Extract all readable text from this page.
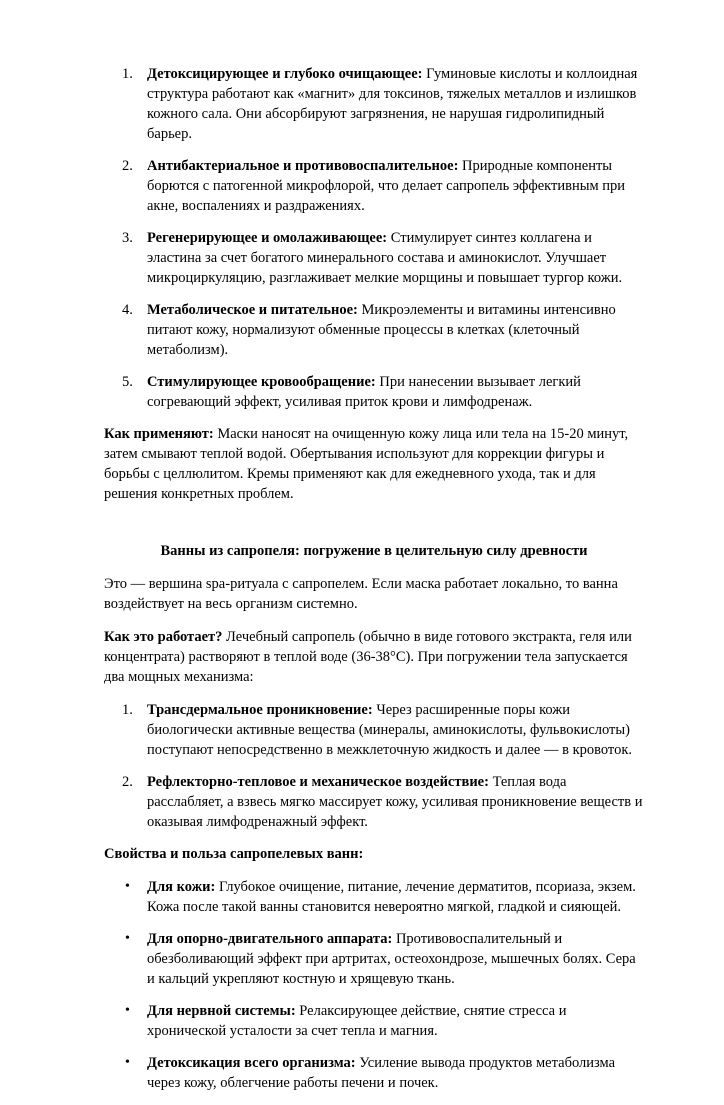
1. Детоксицирующее и глубоко очищающее: Гуминовые кислоты и коллоидная структура работают как «магнит» для токсинов, тяжелых металлов и излишков кожного сала. Они абсорбируют загрязнения, не нарушая гидролипидный барьер.
2. Антибактериальное и противовоспалительное: Природные компоненты борются с патогенной микрофлорой, что делает сапропель эффективным при акне, воспалениях и раздражениях.
3. Регенерирующее и омолаживающее: Стимулирует синтез коллагена и эластина за счет богатого минерального состава и аминокислот. Улучшает микроциркуляцию, разглаживает мелкие морщины и повышает тургор кожи.
4. Метаболическое и питательное: Микроэлементы и витамины интенсивно питают кожу, нормализуют обменные процессы в клетках (клеточный метаболизм).
5. Стимулирующее кровообращение: При нанесении вызывает легкий согревающий эффект, усиливая приток крови и лимфодренаж.

Как применяют: Маски наносят на очищенную кожу лица или тела на 15-20 минут, затем смывают теплой водой. Обертывания используют для коррекции фигуры и борьбы с целлюлитом. Кремы применяют как для ежедневного ухода, так и для решения конкретных проблем.

Ванны из сапропеля: погружение в целительную силу древности

Это — вершина spa-ритуала с сапропелем. Если маска работает локально, то ванна воздействует на весь организм системно.

Как это работает? Лечебный сапропель (обычно в виде готового экстракта, геля или концентрата) растворяют в теплой воде (36-38°C). При погружении тела запускается два мощных механизма:

1. Трансдермальное проникновение: Через расширенные поры кожи биологически активные вещества (минералы, аминокислоты, фульвокислоты) поступают непосредственно в межклеточную жидкость и далее — в кровоток.
2. Рефлекторно-тепловое и механическое воздействие: Теплая вода расслабляет, а взвесь мягко массирует кожу, усиливая проникновение веществ и оказывая лимфодренажный эффект.

Свойства и польза сапропелевых ванн:

• Для кожи: Глубокое очищение, питание, лечение дерматитов, псориаза, экзем. Кожа после такой ванны становится невероятно мягкой, гладкой и сияющей.
• Для опорно-двигательного аппарата: Противовоспалительный и обезболивающий эффект при артритах, остеохондрозе, мышечных болях. Сера и кальций укрепляют костную и хрящевую ткань.
• Для нервной системы: Релаксирующее действие, снятие стресса и хронической усталости за счет тепла и магния.
• Детоксикация всего организма: Усиление вывода продуктов метаболизма через кожу, облегчение работы печени и почек.
